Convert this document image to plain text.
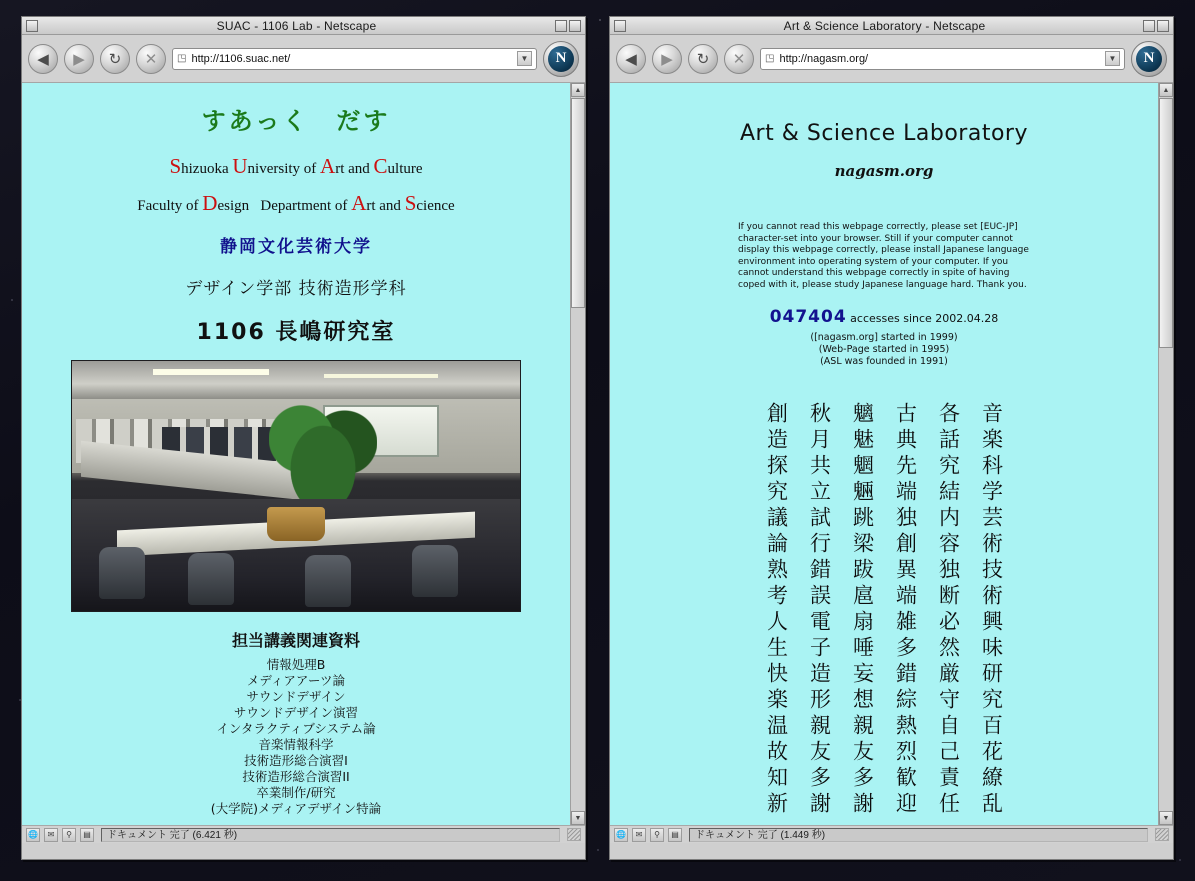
SUAC - 1106 Lab - Netscape
◀	▶	↻	✕	◳ http://1106.suac.net/	▼	N
すあっく　だす
Shizuoka University of Art and Culture
Faculty of Design   Department of Art and Science
静岡文化芸術大学
デザイン学部 技術造形学科
1106 長嶋研究室
担当講義関連資料
情報処理B
メディアアーツ論
サウンドデザイン
サウンドデザイン演習
インタラクティブシステム論
音楽情報科学
技術造形総合演習I
技術造形総合演習II
卒業制作/研究
(大学院)メディアデザイン特論
▲
▼
🌐	✉	⚲	▤	ドキュメント 完了 (6.421 秒)
Art & Science Laboratory - Netscape
◀	▶	↻	✕	◳ http://nagasm.org/	▼	N
Art & Science Laboratory
nagasm.org
If you cannot read this webpage correctly, please set [EUC-JP] character-set into your browser. Still if your computer cannot display this webpage correctly, please install Japanese language environment into operating system of your computer. If you cannot understand this webpage correctly in spite of having coped with it, please study Japanese language hard. Thank you.
047404 accesses since 2002.04.28
([nagasm.org] started in 1999)
(Web-Page started in 1995)
(ASL was founded in 1991)
音楽科学芸術技術興味研究百花繚乱
各話究結内容独断必然厳守自己責任
古典先端独創異端雑多錯綜熱烈歓迎
魑魅魍魎跳梁跋扈扇唾妄想親友多謝
秋月共立試行錯誤電子造形親友多謝
創造探究議論熟考人生快楽温故知新
▲
▼
🌐	✉	⚲	▤	ドキュメント 完了 (1.449 秒)
